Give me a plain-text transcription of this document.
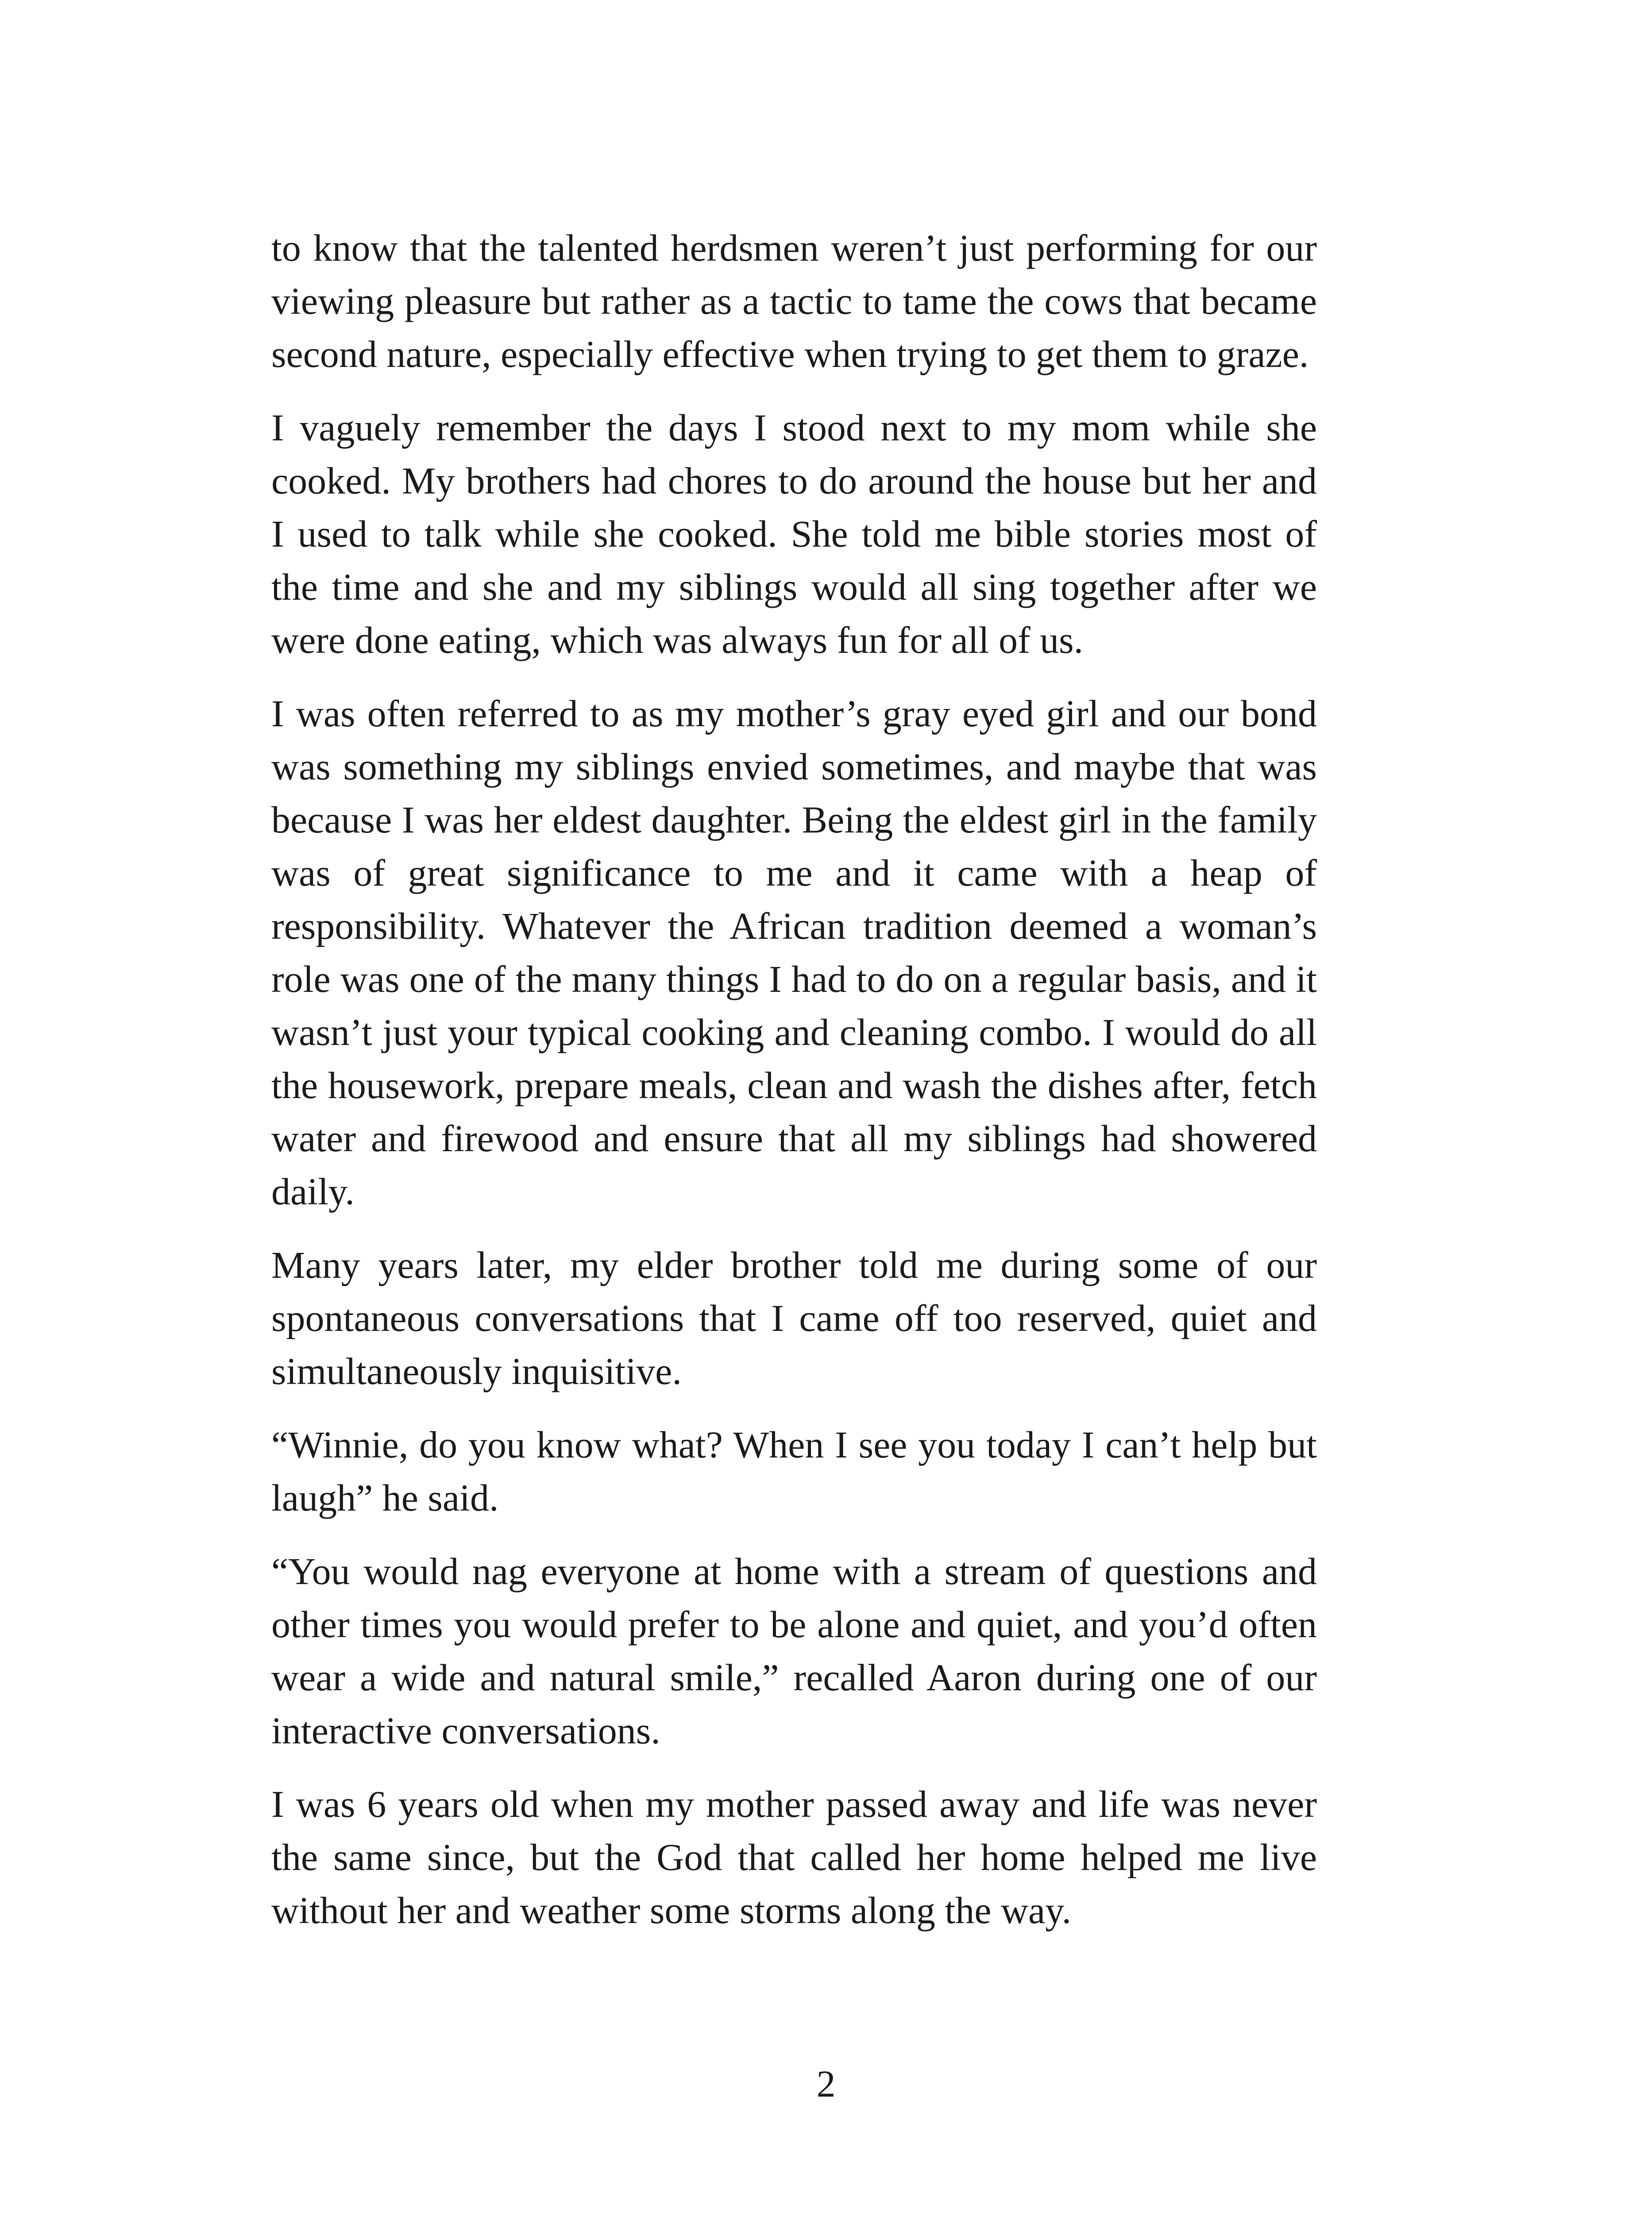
to know that the talented herdsmen weren’t just performing for our viewing pleasure but rather as a tactic to tame the cows that became second nature, especially effective when trying to get them to graze.

I vaguely remember the days I stood next to my mom while she cooked. My brothers had chores to do around the house but her and I used to talk while she cooked. She told me bible stories most of the time and she and my siblings would all sing together after we were done eating, which was always fun for all of us.

I was often referred to as my mother’s gray eyed girl and our bond was something my siblings envied sometimes, and maybe that was because I was her eldest daughter. Being the eldest girl in the family was of great significance to me and it came with a heap of responsibility. Whatever the African tradition deemed a woman’s role was one of the many things I had to do on a regular basis, and it wasn’t just your typical cooking and cleaning combo. I would do all the housework, prepare meals, clean and wash the dishes after, fetch water and firewood and ensure that all my siblings had showered daily.

Many years later, my elder brother told me during some of our spontaneous conversations that I came off too reserved, quiet and simultaneously inquisitive.

“Winnie, do you know what? When I see you today I can’t help but laugh” he said.

“You would nag everyone at home with a stream of questions and other times you would prefer to be alone and quiet, and you’d often wear a wide and natural smile,” recalled Aaron during one of our interactive conversations.

I was 6 years old when my mother passed away and life was never the same since, but the God that called her home helped me live without her and weather some storms along the way.

2
